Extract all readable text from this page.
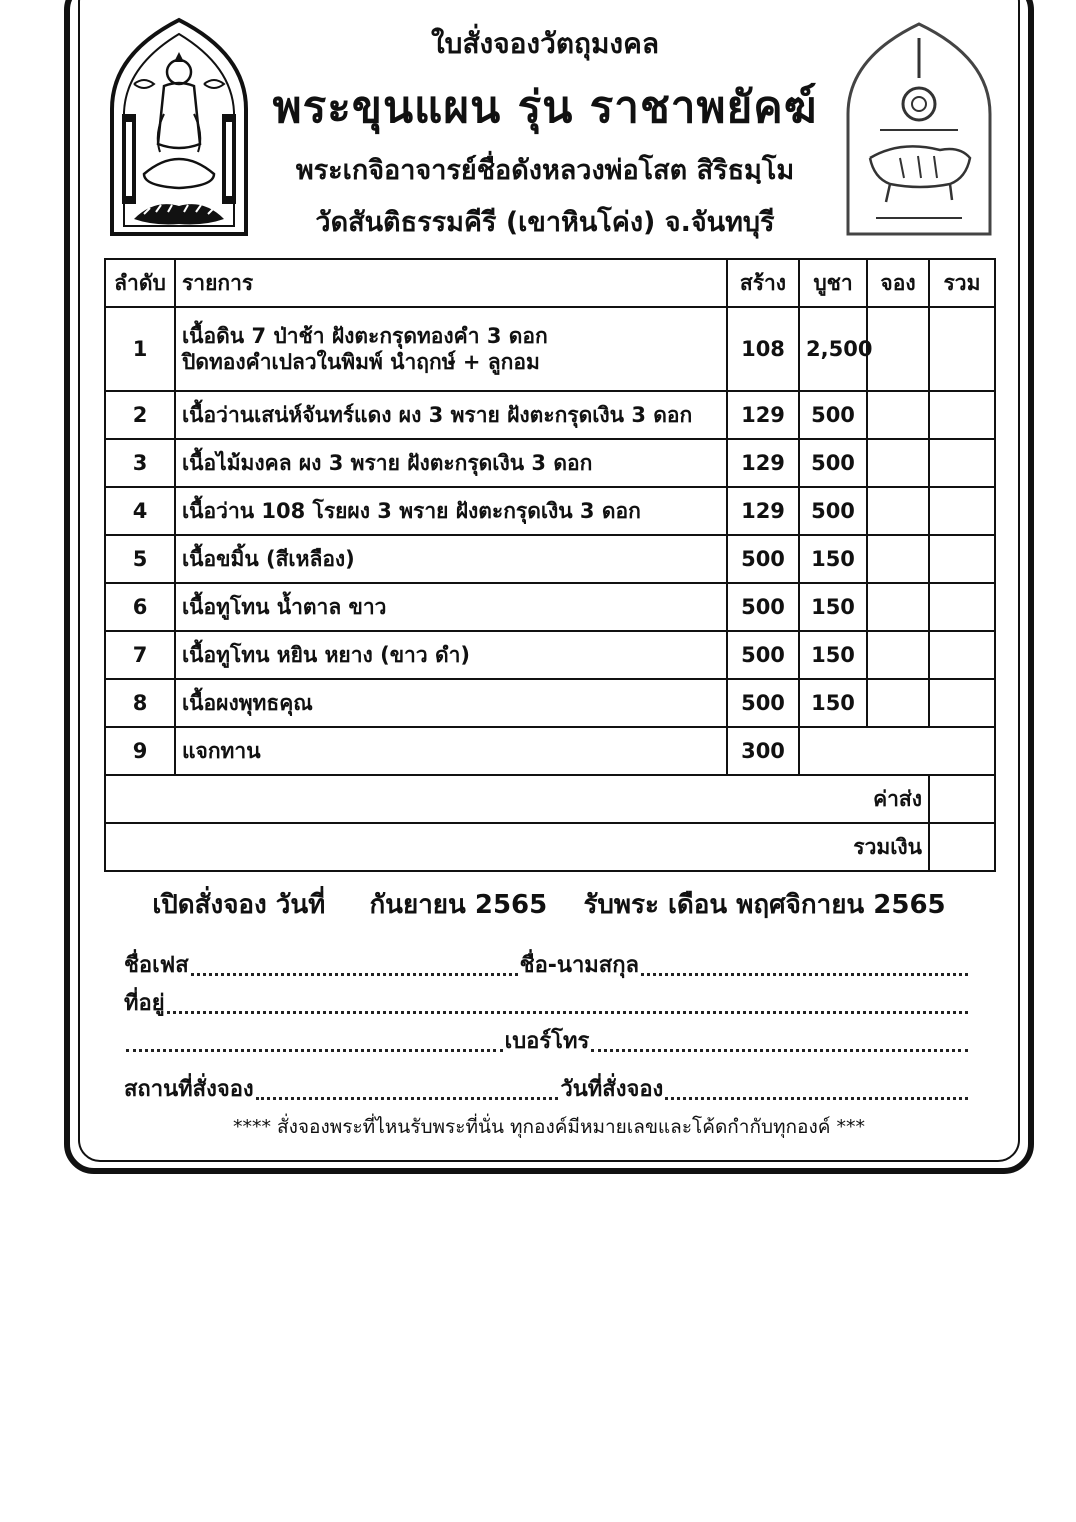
ใบสั่งจองวัตถุมงคล
พระขุนแผน รุ่น ราชาพยัคฆ์
พระเกจิอาจารย์ชื่อดังหลวงพ่อโสต สิริธมฺโม
วัดสันติธรรมคีรี (เขาหินโค่ง) จ.จันทบุรี
ลำดับ	รายการ	สร้าง	บูชา	จอง	รวม
1	เนื้อดิน 7 ป่าช้า ฝังตะกรุดทองคำ 3 ดอก
ปิดทองคำเปลวในพิมพ์ นำฤกษ์ + ลูกอม	108	2,500		
2	เนื้อว่านเสน่ห์จันทร์แดง ผง 3 พราย ฝังตะกรุดเงิน 3 ดอก	129	500		
3	เนื้อไม้มงคล ผง 3 พราย ฝังตะกรุดเงิน 3 ดอก	129	500		
4	เนื้อว่าน 108 โรยผง 3 พราย ฝังตะกรุดเงิน 3 ดอก	129	500		
5	เนื้อขมิ้น (สีเหลือง)	500	150		
6	เนื้อทูโทน น้ำตาล ขาว	500	150		
7	เนื้อทูโทน หยิน หยาง (ขาว ดำ)	500	150		
8	เนื้อผงพุทธคุณ	500	150		
9	แจกทาน	300			
ค่าส่ง					
รวมเงิน					
เปิดสั่งจอง วันที่ กันยายน 2565 รับพระ เดือน พฤศจิกายน 2565
ชื่อเฟส	ชื่อ-นามสกุล
ที่อยู่
เบอร์โทร
สถานที่สั่งจอง	วันที่สั่งจอง
**** สั่งจองพระที่ไหนรับพระที่นั่น ทุกองค์มีหมายเลขและโค้ดกำกับทุกองค์ ***
